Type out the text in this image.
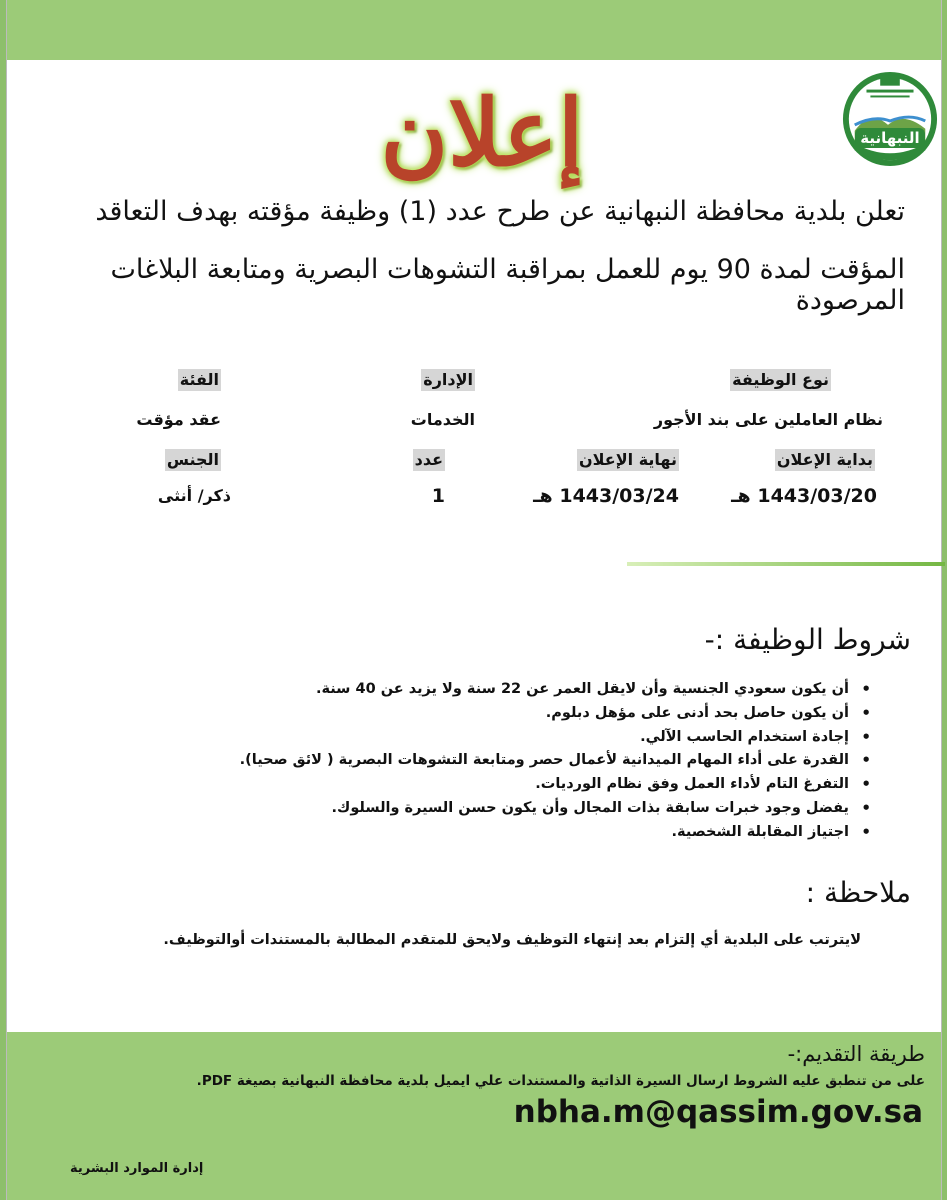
النبهانية
إعلان
تعلن بلدية محافظة النبهانية عن طرح عدد (1) وظيفة مؤقته بهدف التعاقد
المؤقت لمدة 90 يوم للعمل بمراقبة التشوهات البصرية ومتابعة البلاغات المرصودة
نوع الوظيفة
الإدارة
الفئة
نظام العاملين على بند الأجور
الخدمات
عقد مؤقت
بداية الإعلان
نهاية الإعلان
عدد
الجنس
1443/03/20 هـ
1443/03/24 هـ
1
ذكر/ أنثى
شروط الوظيفة :-
•
أن يكون سعودي الجنسية وأن لايقل العمر عن 22 سنة ولا يزيد عن 40 سنة.
•
أن يكون حاصل بحد أدنى على مؤهل دبلوم.
•
إجادة استخدام الحاسب الآلي.
•
القدرة على أداء المهام الميدانية لأعمال حصر ومتابعة التشوهات البصرية ( لائق صحيا).
•
التفرغ التام لأداء العمل وفق نظام الورديات.
•
يفضل وجود خبرات سابقة بذات المجال وأن يكون حسن السيرة والسلوك.
•
اجتياز المقابلة الشخصية.
ملاحظة :
لايترتب على البلدية أي إلتزام بعد إنتهاء التوظيف ولايحق للمتقدم المطالبة بالمستندات أوالتوظيف.
طريقة التقديم:-
على من تنطبق عليه الشروط ارسال السيرة الذاتية والمستندات علي ايميل بلدية محافظة النبهانية بصيغة PDF.
nbha.m@qassim.gov.sa
إدارة الموارد البشرية
